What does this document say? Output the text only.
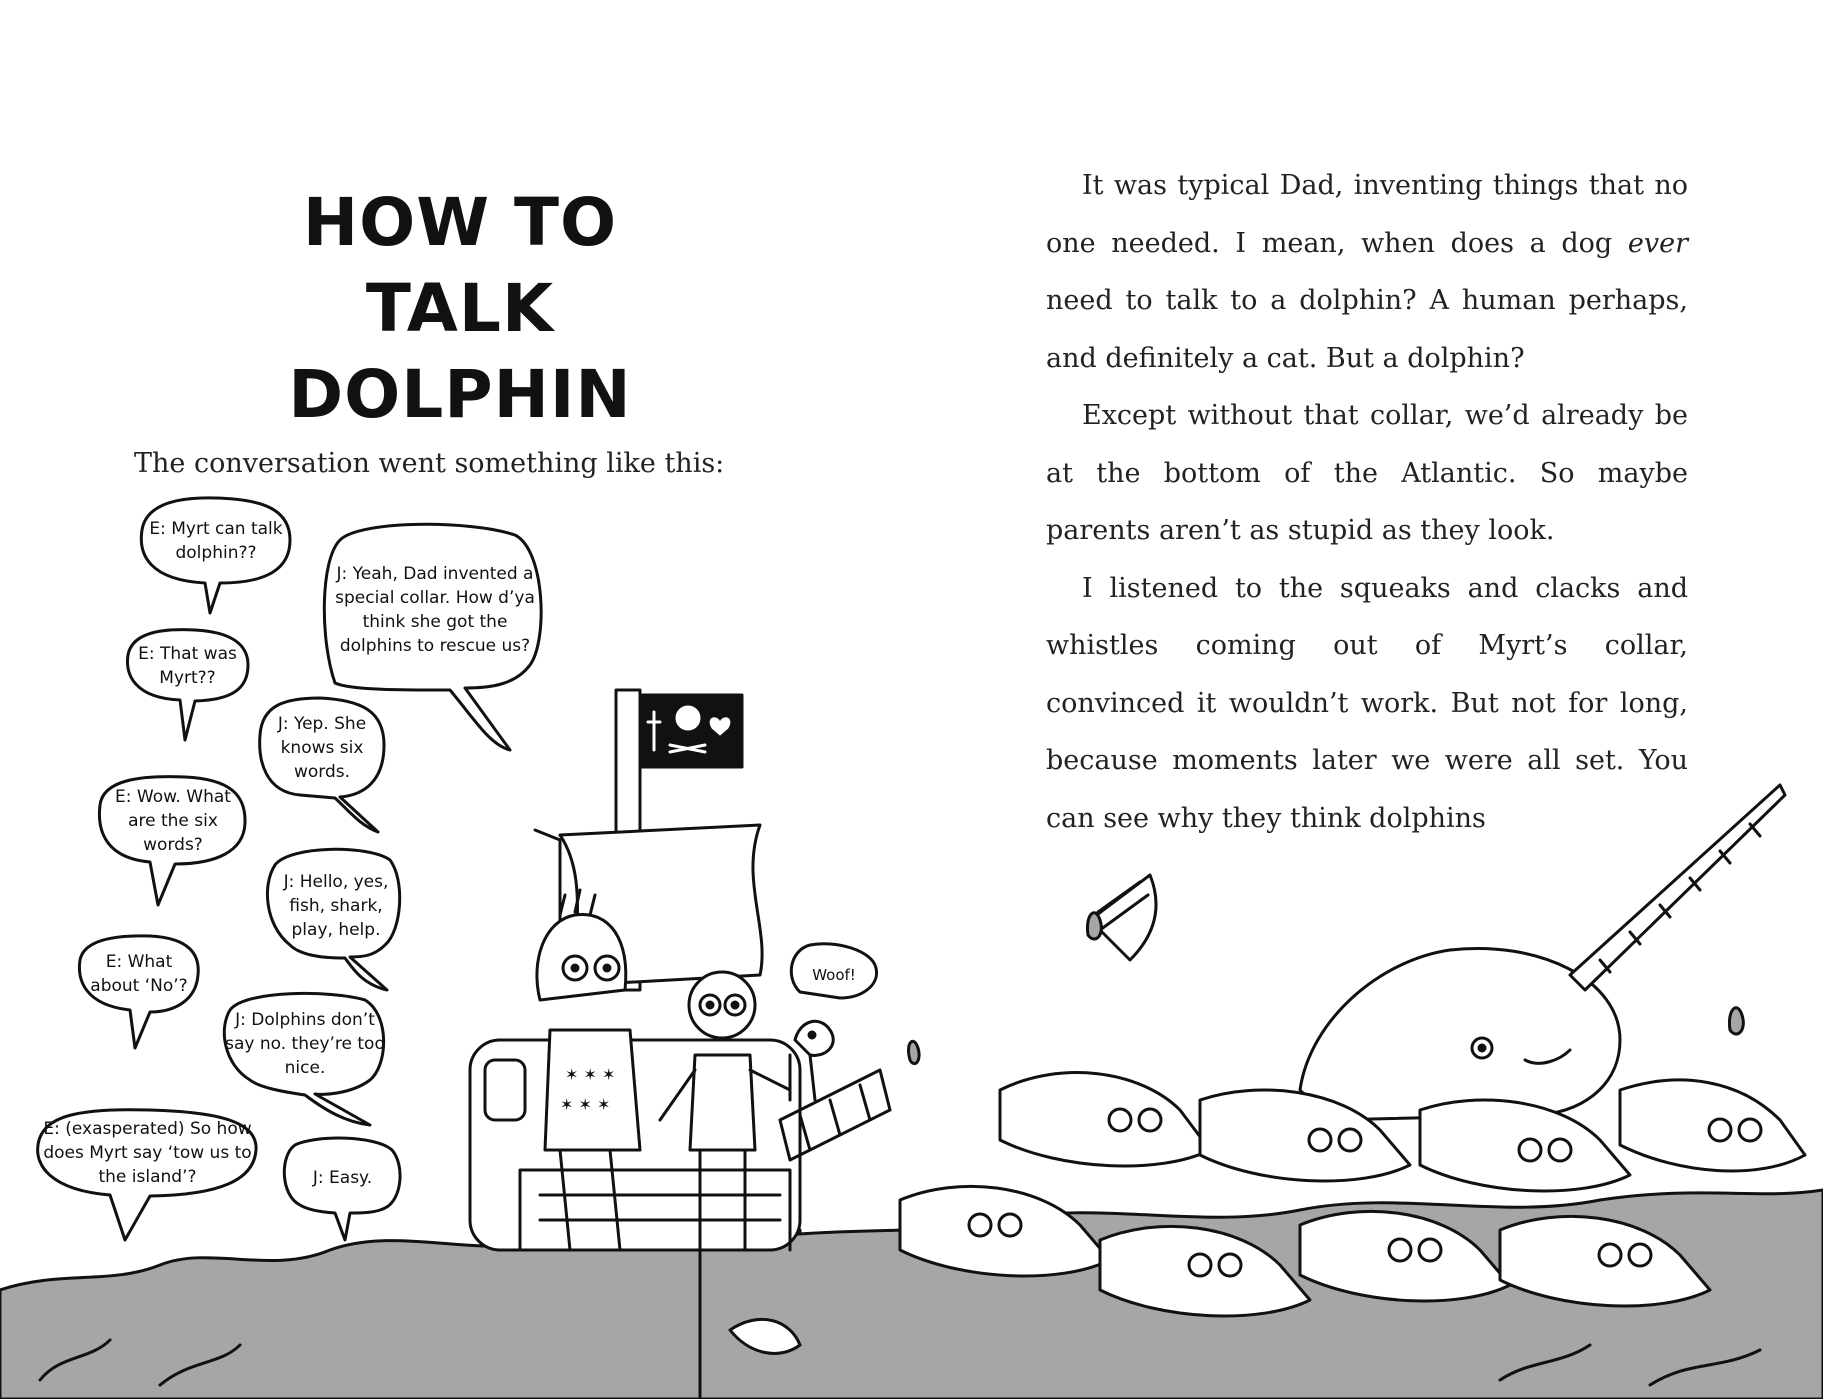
HOW TO TALK
DOLPHIN

The conversation went something like this:

It was typical Dad, inventing things that no one needed. I mean, when does a dog ever need to talk to a dolphin? A human perhaps, and definitely a cat. But a dolphin?

Except without that collar, we’d already be at the bottom of the Atlantic. So maybe parents aren’t as stupid as they look.

I listened to the squeaks and clacks and whistles coming out of Myrt’s collar, convinced it wouldn’t work. But not for long, because moments later we were all set. You can see why they think dolphins

✶ ✶ ✶
✶ ✶ ✶
E: Myrt can talk dolphin??
J: Yeah, Dad invented a special collar. How d’ya think she got the dolphins to rescue us?
E: That was Myrt??
J: Yep. She knows six words.
E: Wow. What are the six words?
J: Hello, yes, fish, shark, play, help.
E: What about ‘No’?
J: Dolphins don’t say no. they’re too nice.
E: (exasperated) So how does Myrt say ‘tow us to the island’?	J: Easy.
Woof!
